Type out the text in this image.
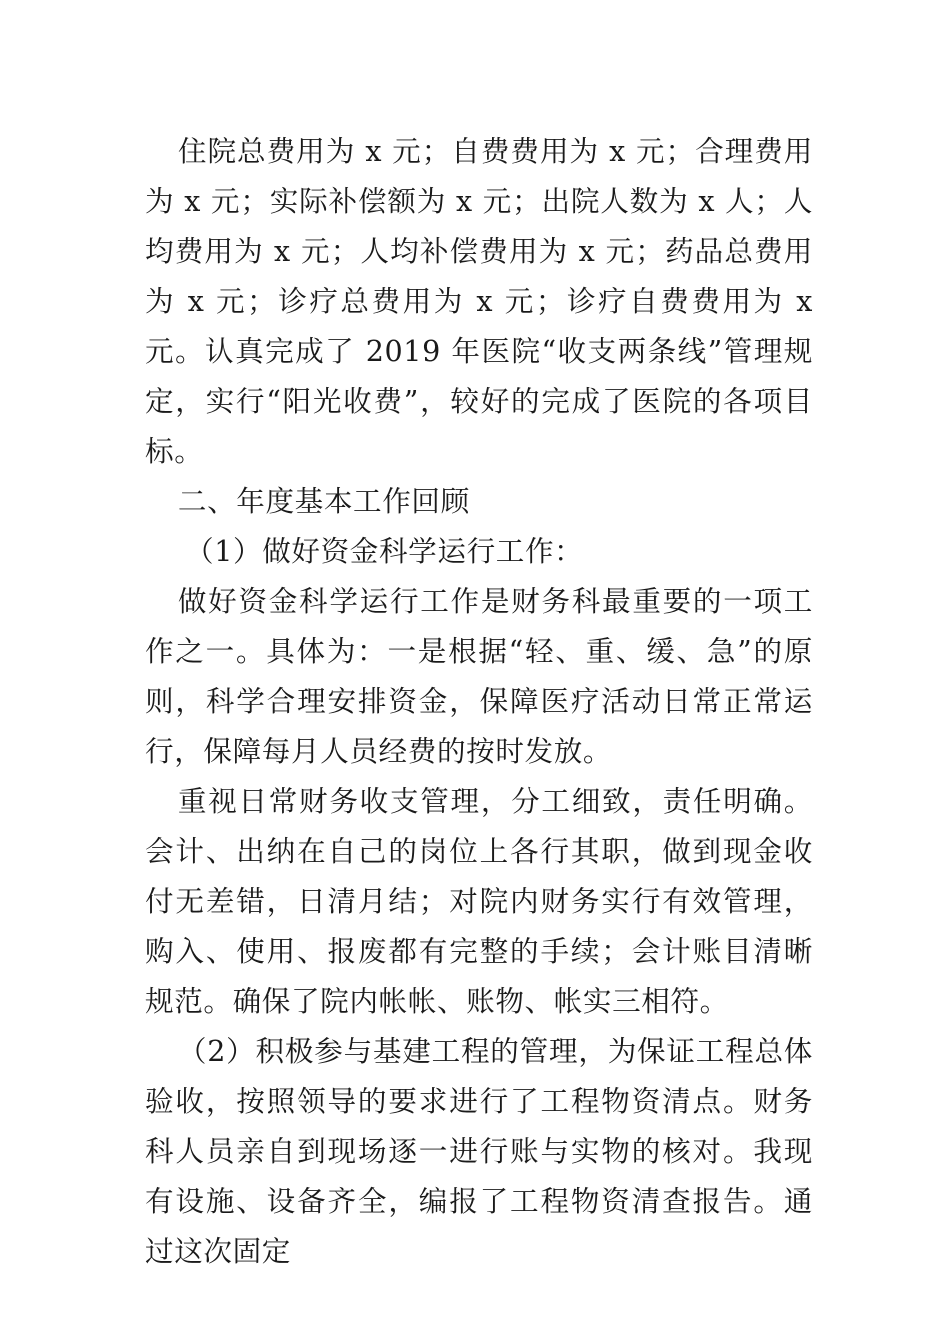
住院总费用为 x 元；自费费用为 x 元；合理费用为 x 元；实际补偿额为 x 元；出院人数为 x 人；人均费用为 x 元；人均补偿费用为 x 元；药品总费用为 x 元；诊疗总费用为 x 元；诊疗自费费用为 x 元。认真完成了 2019 年医院“收支两条线”管理规定，实行“阳光收费”，较好的完成了医院的各项目标。

二、年度基本工作回顾

（1）做好资金科学运行工作：

做好资金科学运行工作是财务科最重要的一项工作之一。具体为：一是根据“轻、重、缓、急”的原则，科学合理安排资金，保障医疗活动日常正常运行，保障每月人员经费的按时发放。

重视日常财务收支管理，分工细致，责任明确。会计、出纳在自己的岗位上各行其职，做到现金收付无差错，日清月结；对院内财务实行有效管理，购入、使用、报废都有完整的手续；会计账目清晰规范。确保了院内帐帐、账物、帐实三相符。

（2）积极参与基建工程的管理，为保证工程总体验收，按照领导的要求进行了工程物资清点。财务科人员亲自到现场逐一进行账与实物的核对。我现有设施、设备齐全，编报了工程物资清查报告。通过这次固定
